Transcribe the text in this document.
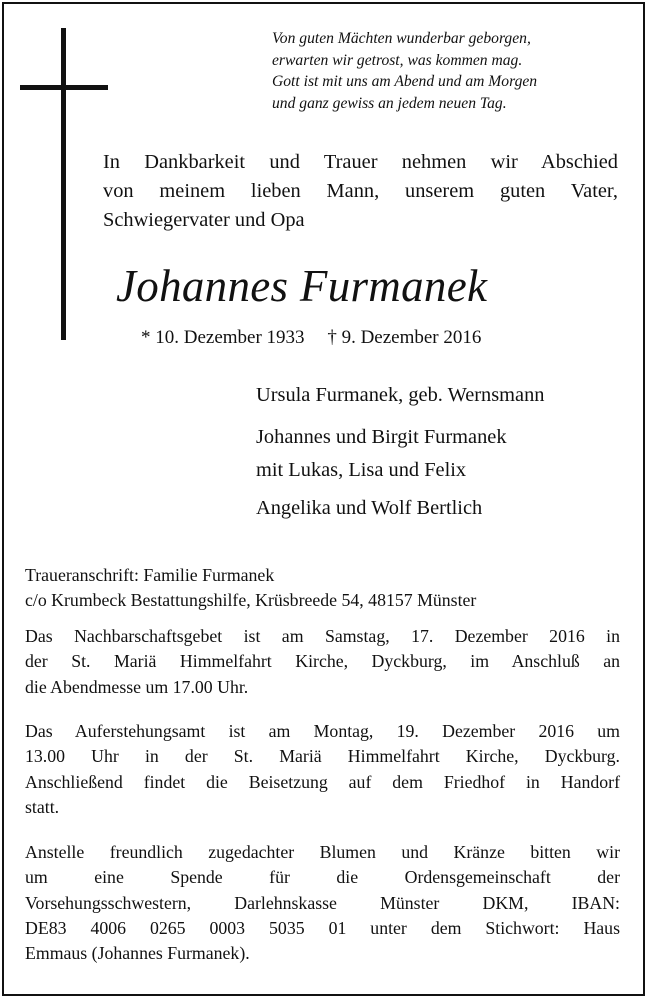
Von guten Mächten wunderbar geborgen,
erwarten wir getrost, was kommen mag.
Gott ist mit uns am Abend und am Morgen
und ganz gewiss an jedem neuen Tag.
In Dankbarkeit und Trauer nehmen wir Abschied
von meinem lieben Mann, unserem guten Vater,
Schwiegervater und Opa
Johannes Furmanek
* 10. Dezember 1933 † 9. Dezember 2016
Ursula Furmanek, geb. Wernsmann
Johannes und Birgit Furmanek
mit Lukas, Lisa und Felix
Angelika und Wolf Bertlich
Traueranschrift: Familie Furmanek
c/o Krumbeck Bestattungshilfe, Krüsbreede 54, 48157 Münster
Das Nachbarschaftsgebet ist am Samstag, 17. Dezember 2016 in
der St. Mariä Himmelfahrt Kirche, Dyckburg, im Anschluß an
die Abendmesse um 17.00 Uhr.
Das Auferstehungsamt ist am Montag, 19. Dezember 2016 um
13.00 Uhr in der St. Mariä Himmelfahrt Kirche, Dyckburg.
Anschließend findet die Beisetzung auf dem Friedhof in Handorf
statt.
Anstelle freundlich zugedachter Blumen und Kränze bitten wir
um eine Spende für die Ordensgemeinschaft der
Vorsehungsschwestern, Darlehnskasse Münster DKM, IBAN:
DE83 4006 0265 0003 5035 01 unter dem Stichwort: Haus
Emmaus (Johannes Furmanek).
